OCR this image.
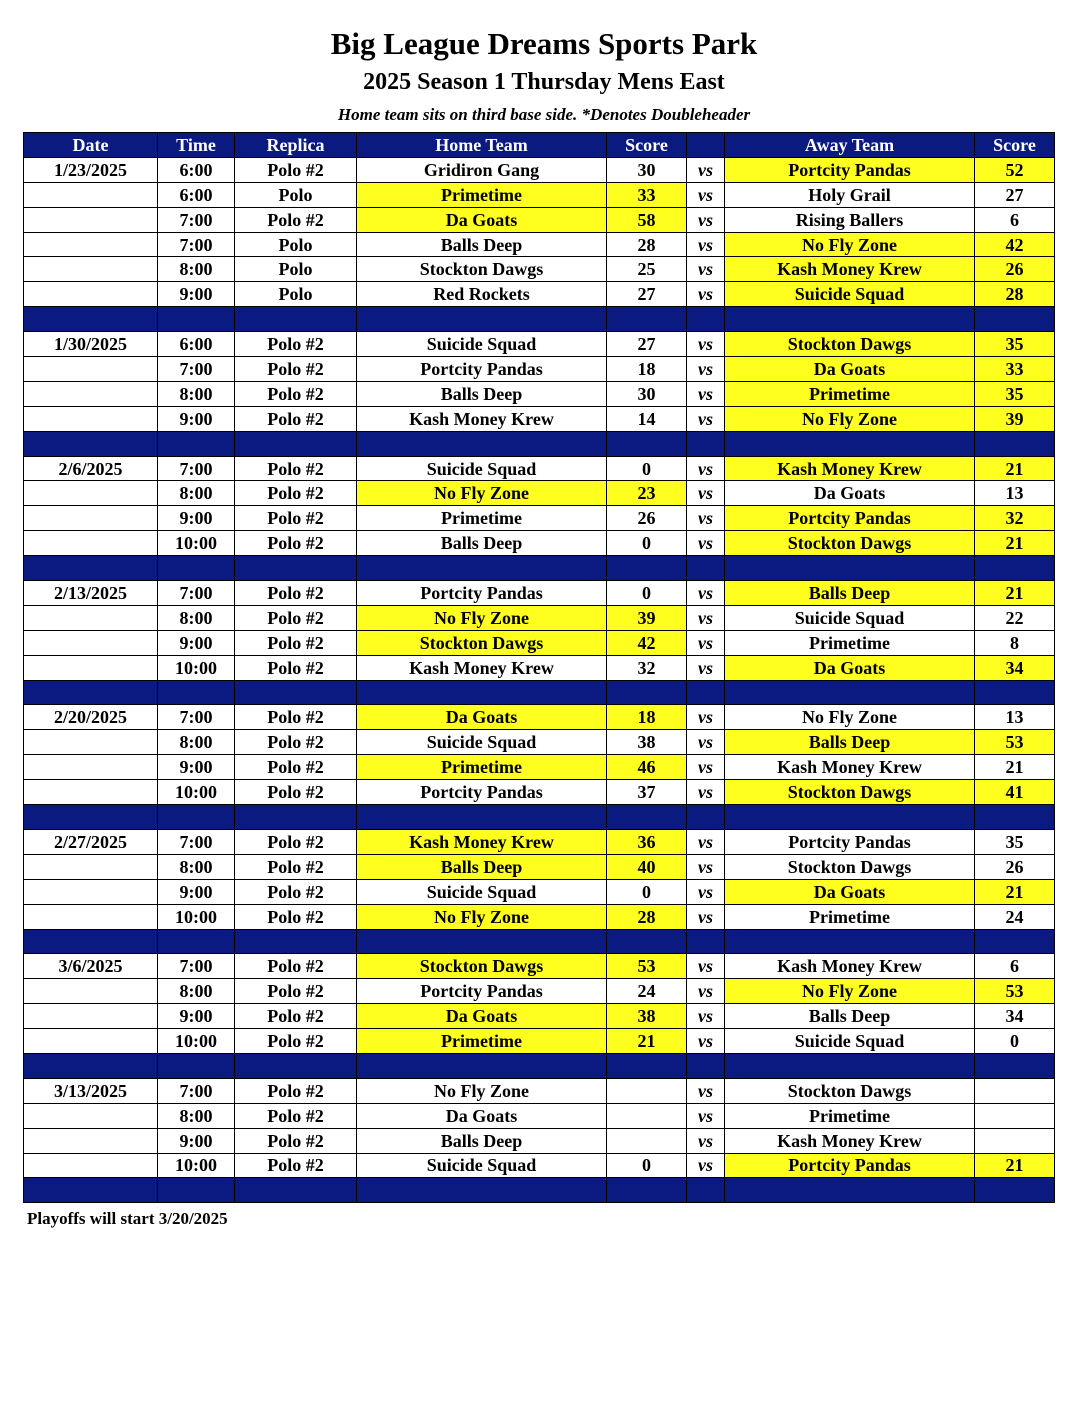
Big League Dreams Sports Park
2025 Season 1 Thursday Mens East
Home team sits on third base side. *Denotes Doubleheader
Date	Time	Replica	Home Team	Score		Away Team	Score
1/23/2025	6:00	Polo #2	Gridiron Gang	30	vs	Portcity Pandas	52
	6:00	Polo	Primetime	33	vs	Holy Grail	27
	7:00	Polo #2	Da Goats	58	vs	Rising Ballers	6
	7:00	Polo	Balls Deep	28	vs	No Fly Zone	42
	8:00	Polo	Stockton Dawgs	25	vs	Kash Money Krew	26
	9:00	Polo	Red Rockets	27	vs	Suicide Squad	28

1/30/2025	6:00	Polo #2	Suicide Squad	27	vs	Stockton Dawgs	35
	7:00	Polo #2	Portcity Pandas	18	vs	Da Goats	33
	8:00	Polo #2	Balls Deep	30	vs	Primetime	35
	9:00	Polo #2	Kash Money Krew	14	vs	No Fly Zone	39

2/6/2025	7:00	Polo #2	Suicide Squad	0	vs	Kash Money Krew	21
	8:00	Polo #2	No Fly Zone	23	vs	Da Goats	13
	9:00	Polo #2	Primetime	26	vs	Portcity Pandas	32
	10:00	Polo #2	Balls Deep	0	vs	Stockton Dawgs	21

2/13/2025	7:00	Polo #2	Portcity Pandas	0	vs	Balls Deep	21
	8:00	Polo #2	No Fly Zone	39	vs	Suicide Squad	22
	9:00	Polo #2	Stockton Dawgs	42	vs	Primetime	8
	10:00	Polo #2	Kash Money Krew	32	vs	Da Goats	34

2/20/2025	7:00	Polo #2	Da Goats	18	vs	No Fly Zone	13
	8:00	Polo #2	Suicide Squad	38	vs	Balls Deep	53
	9:00	Polo #2	Primetime	46	vs	Kash Money Krew	21
	10:00	Polo #2	Portcity Pandas	37	vs	Stockton Dawgs	41

2/27/2025	7:00	Polo #2	Kash Money Krew	36	vs	Portcity Pandas	35
	8:00	Polo #2	Balls Deep	40	vs	Stockton Dawgs	26
	9:00	Polo #2	Suicide Squad	0	vs	Da Goats	21
	10:00	Polo #2	No Fly Zone	28	vs	Primetime	24

3/6/2025	7:00	Polo #2	Stockton Dawgs	53	vs	Kash Money Krew	6
	8:00	Polo #2	Portcity Pandas	24	vs	No Fly Zone	53
	9:00	Polo #2	Da Goats	38	vs	Balls Deep	34
	10:00	Polo #2	Primetime	21	vs	Suicide Squad	0

3/13/2025	7:00	Polo #2	No Fly Zone		vs	Stockton Dawgs	
	8:00	Polo #2	Da Goats		vs	Primetime	
	9:00	Polo #2	Balls Deep		vs	Kash Money Krew	
	10:00	Polo #2	Suicide Squad	0	vs	Portcity Pandas	21

Playoffs will start 3/20/2025
